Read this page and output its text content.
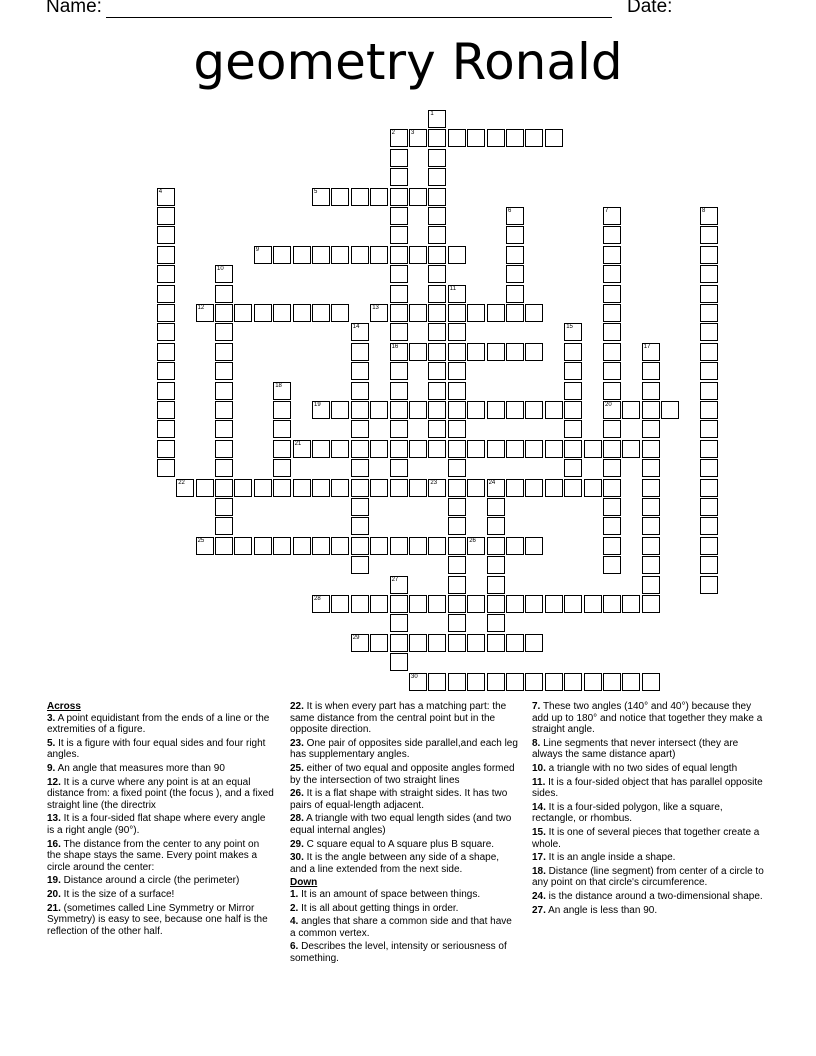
Name:	Date:
geometry Ronald
1
2	3
4	5
6	7	8
9
10
11
12	13
14	15
16	17
18
19	20
21
22	23	24
25	26
27
28
29
30

Across

3. A point equidistant from the ends of a line or the extremities of a figure.

5. It is a figure with four equal sides and four right angles.

9. An angle that measures more than 90

12. It is a curve where any point is at an equal distance from: a fixed point (the focus ), and a fixed straight line (the directrix

13. It is a four-sided flat shape where every angle is a right angle (90°).

16. The distance from the center to any point on the shape stays the same. Every point makes a circle around the center:

19. Distance around a circle (the perimeter)

20. It is the size of a surface!

21. (sometimes called Line Symmetry or Mirror Symmetry) is easy to see, because one half is the reflection of the other half.

22. It is when every part has a matching part: the same distance from the central point but in the opposite direction.

23. One pair of opposites side parallel,and each leg has supplementary angles.

25. either of two equal and opposite angles formed by the intersection of two straight lines

26. It is a flat shape with straight sides. It has two pairs of equal-length adjacent.

28. A triangle with two equal length sides (and two equal internal angles)

29. C square equal to A square plus B square.

30. It is the angle between any side of a shape, and a line extended from the next side.

Down

1. It is an amount of space between things.

2. It is all about getting things in order.

4. angles that share a common side and that have a common vertex.

6. Describes the level, intensity or seriousness of something.

7. These two angles (140° and 40°) because they add up to 180° and notice that together they make a straight angle.

8. Line segments that never intersect (they are always the same distance apart)

10. a triangle with no two sides of equal length

11. It is a four-sided object that has parallel opposite sides.

14. It is a four-sided polygon, like a square, rectangle, or rhombus.

15. It is one of several pieces that together create a whole.

17. It is an angle inside a shape.

18. Distance (line segment) from center of a circle to any point on that circle's circumference.

24. is the distance around a two-dimensional shape.

27. An angle is less than 90.
